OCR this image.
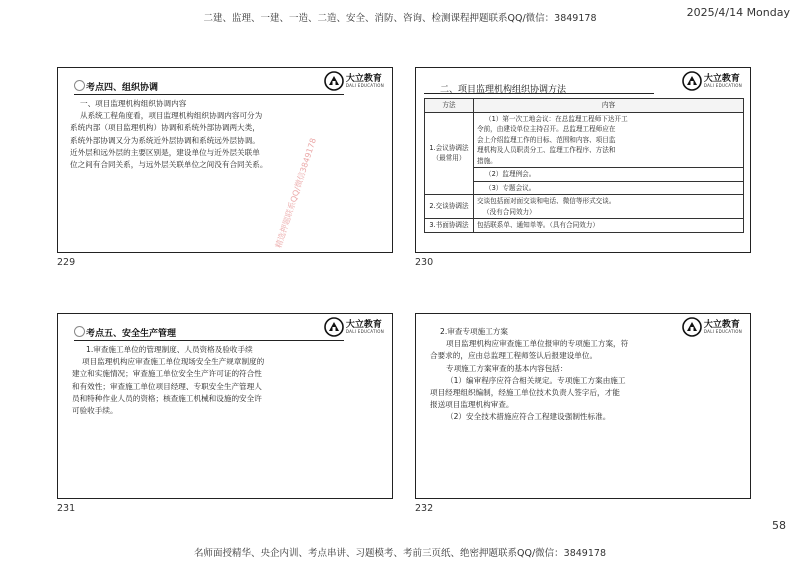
二建、监理、一建、一造、二造、安全、消防、咨询、检测课程押题联系QQ/微信：3849178	2025/4/14 Monday
考点四、组织协调
大立教育
DALI EDUCATION
一、项目监理机构组织协调内容
从系统工程角度看，项目监理机构组织协调内容可分为
系统内部（项目监理机构）协调和系统外部协调两大类，
系统外部协调又分为系统近外层协调和系统远外层协调。
近外层和远外层的主要区别是，建设单位与近外层关联单
位之间有合同关系，与远外层关联单位之间没有合同关系。 精选押题联系QQ/微信3849178
229
二、项目监理机构组织协调方法
大立教育
DALI EDUCATION
方法	内容
1.会议协调法（最常用）	（1）第一次工地会议：在总监理工程师下达开工
令前，由建设单位主持召开。总监理工程师应在
会上介绍监理工作的目标、范围和内容、项目监
理机构及人员职责分工、监理工作程序、方法和
措施。

	（2）监理例会。

	（3）专题会议。

2.交谈协调法	交谈包括面对面交谈和电话、微信等形式交谈。
（没有合同效力）

3.书面协调法	包括联系单、通知单等。（具有合同效力）
230
考点五、安全生产管理
大立教育
DALI EDUCATION
1.审查施工单位的管理制度、人员资格及验收手续
项目监理机构应审查施工单位现场安全生产规章制度的
建立和实施情况；审查施工单位安全生产许可证的符合性
和有效性；审查施工单位项目经理、专职安全生产管理人
员和特种作业人员的资格；核查施工机械和设施的安全许
可验收手续。
231
大立教育
DALI EDUCATION
2.审查专项施工方案
项目监理机构应审查施工单位报审的专项施工方案，符
合要求的，应由总监理工程师签认后报建设单位。
专项施工方案审查的基本内容包括：
（1）编审程序应符合相关规定。专项施工方案由施工
项目经理组织编制，经施工单位技术负责人签字后，才能
报送项目监理机构审查。
（2）安全技术措施应符合工程建设强制性标准。
232
58
名师面授精华、央企内训、考点串讲、习题模考、考前三页纸、绝密押题联系QQ/微信：3849178
